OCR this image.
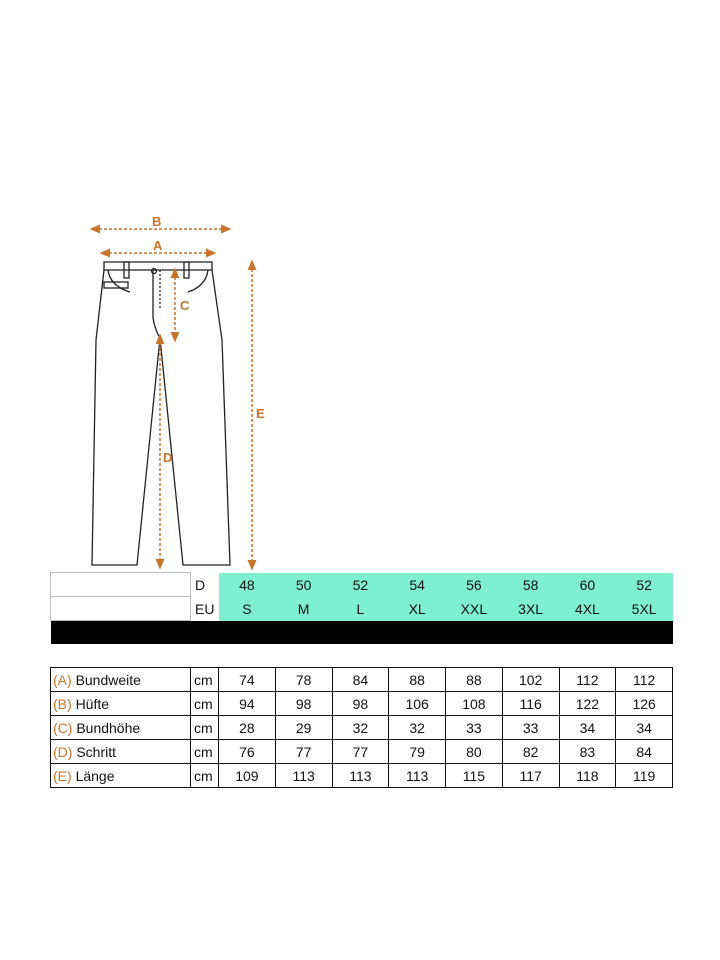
B
A
C
D
E
	D	48	50	52	54	56	58	60	52
	EU	S	M	L	XL	XXL	3XL	4XL	5XL

(A) Bundweite	cm	74	78	84	88	88	102	112	112
(B) Hüfte	cm	94	98	98	106	108	116	122	126
(C) Bundhöhe	cm	28	29	32	32	33	33	34	34
(D) Schritt	cm	76	77	77	79	80	82	83	84
(E) Länge	cm	109	113	113	113	115	117	118	119
